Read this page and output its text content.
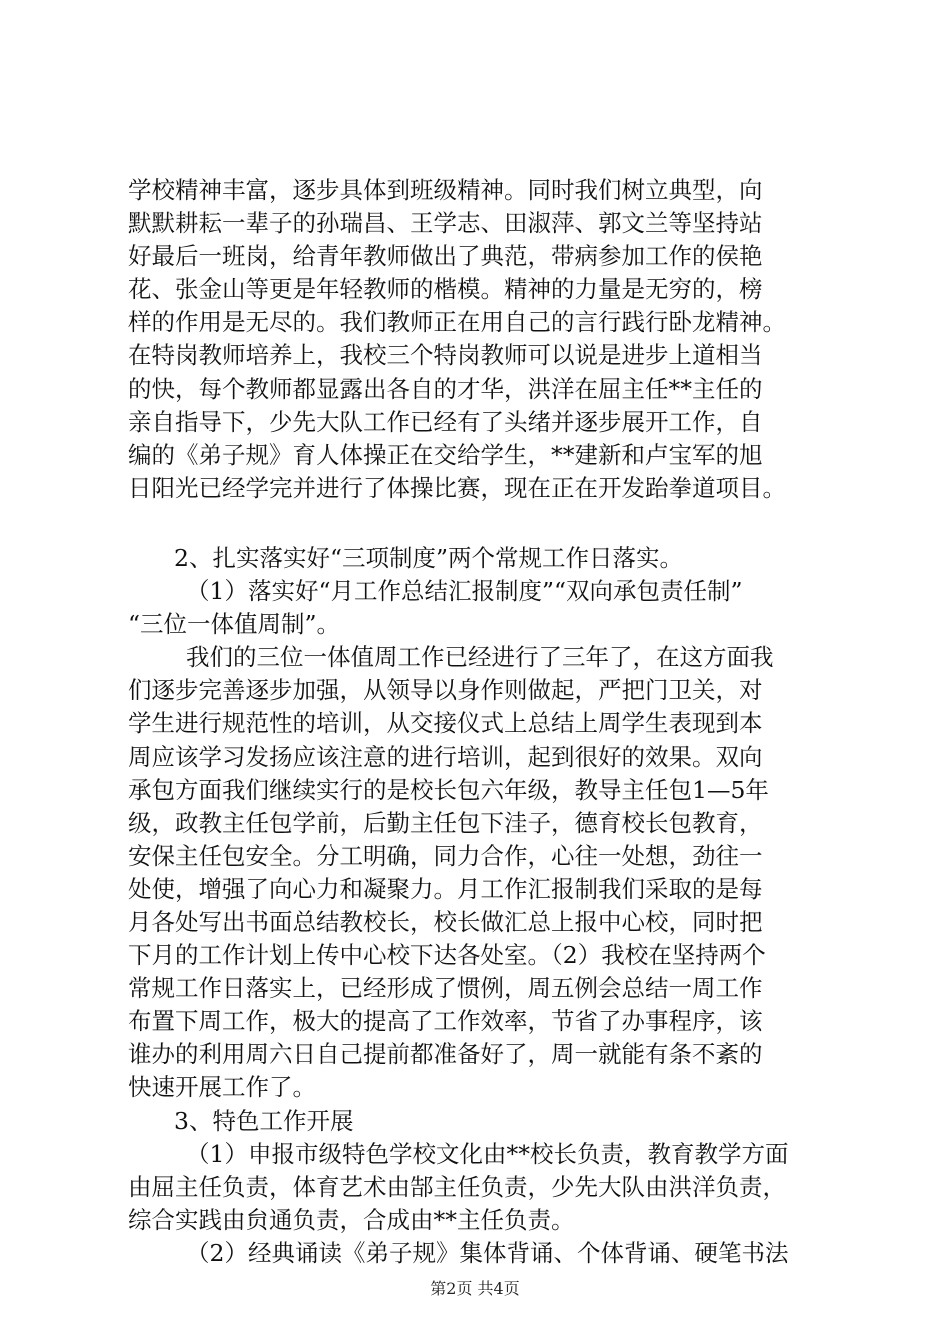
学校精神丰富，逐步具体到班级精神。同时我们树立典型，向
默默耕耘一辈子的孙瑞昌、王学志、田淑萍、郭文兰等坚持站
好最后一班岗，给青年教师做出了典范，带病参加工作的侯艳
花、张金山等更是年轻教师的楷模。精神的力量是无穷的，榜
样的作用是无尽的。我们教师正在用自己的言行践行卧龙精神。
在特岗教师培养上，我校三个特岗教师可以说是进步上道相当
的快，每个教师都显露出各自的才华，洪洋在屈主任**主任的
亲自指导下，少先大队工作已经有了头绪并逐步展开工作，自
编的《弟子规》育人体操正在交给学生，**建新和卢宝军的旭
日阳光已经学完并进行了体操比赛，现在正在开发跆拳道项目。
2、扎实落实好“三项制度”两个常规工作日落实。
（1）落实好“月工作总结汇报制度”“双向承包责任制”
“三位一体值周制”。
我们的三位一体值周工作已经进行了三年了，在这方面我
们逐步完善逐步加强，从领导以身作则做起，严把门卫关，对
学生进行规范性的培训，从交接仪式上总结上周学生表现到本
周应该学习发扬应该注意的进行培训，起到很好的效果。双向
承包方面我们继续实行的是校长包六年级，教导主任包1—5年
级，政教主任包学前，后勤主任包下洼子，德育校长包教育，
安保主任包安全。分工明确，同力合作，心往一处想，劲往一
处使，增强了向心力和凝聚力。月工作汇报制我们采取的是每
月各处写出书面总结教校长，校长做汇总上报中心校，同时把
下月的工作计划上传中心校下达各处室。（2）我校在坚持两个
常规工作日落实上，已经形成了惯例，周五例会总结一周工作
布置下周工作，极大的提高了工作效率，节省了办事程序，该
谁办的利用周六日自己提前都准备好了，周一就能有条不紊的
快速开展工作了。
3、特色工作开展
（1）申报市级特色学校文化由**校长负责，教育教学方面
由屈主任负责，体育艺术由郜主任负责，少先大队由洪洋负责，
综合实践由贠通负责，合成由**主任负责。
（2）经典诵读《弟子规》集体背诵、个体背诵、硬笔书法
第2页 共4页
